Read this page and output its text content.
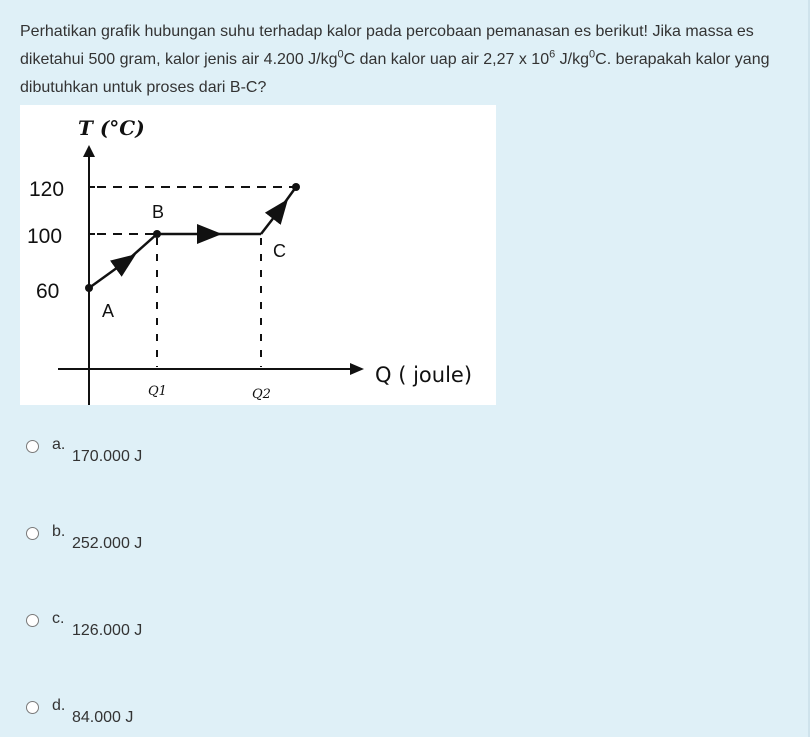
Perhatikan grafik hubungan suhu terhadap kalor pada percobaan pemanasan es berikut! Jika massa es diketahui 500 gram, kalor jenis air 4.200 $J/kg^0C$ dan kalor uap air 2,27 x $10^6$ $J/kg^0C$. berapakah kalor yang dibutuhkan untuk proses dari B-C?
T (°C)
120
100
60
A
B
C
Q1	Q2
Q ( joule)
a.
170.000 J
b.
252.000 J
c.
126.000 J
d.
84.000 J
